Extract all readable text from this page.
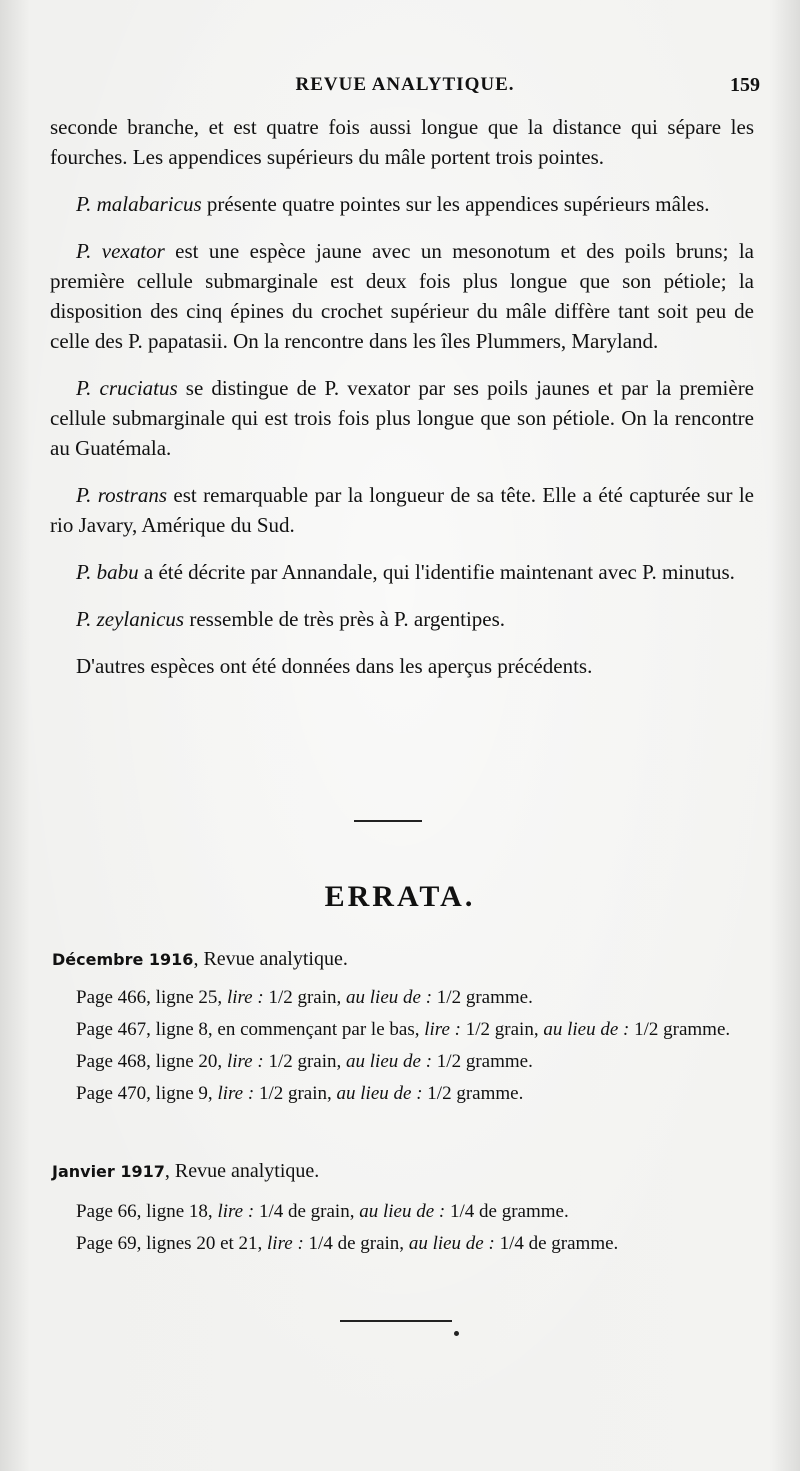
REVUE ANALYTIQUE.	159

seconde branche, et est quatre fois aussi longue que la distance qui sépare les fourches. Les appendices supérieurs du mâle portent trois pointes.

P. malabaricus présente quatre pointes sur les appendices supérieurs mâles.

P. vexator est une espèce jaune avec un mesonotum et des poils bruns; la première cellule submarginale est deux fois plus longue que son pétiole; la disposition des cinq épines du crochet supérieur du mâle diffère tant soit peu de celle des P. papatasii. On la rencontre dans les îles Plummers, Maryland.

P. cruciatus se distingue de P. vexator par ses poils jaunes et par la première cellule submarginale qui est trois fois plus longue que son pétiole. On la rencontre au Guatémala.

P. rostrans est remarquable par la longueur de sa tête. Elle a été capturée sur le rio Javary, Amérique du Sud.

P. babu a été décrite par Annandale, qui l'identifie maintenant avec P. minutus.

P. zeylanicus ressemble de très près à P. argentipes.

D'autres espèces ont été données dans les aperçus précédents.

ERRATA.
Décembre 1916, Revue analytique.
Page 466, ligne 25, lire : 1/2 grain, au lieu de : 1/2 gramme.
Page 467, ligne 8, en commençant par le bas, lire : 1/2 grain, au lieu de : 1/2 gramme.
Page 468, ligne 20, lire : 1/2 grain, au lieu de : 1/2 gramme.
Page 470, ligne 9, lire : 1/2 grain, au lieu de : 1/2 gramme.
Janvier 1917, Revue analytique.
Page 66, ligne 18, lire : 1/4 de grain, au lieu de : 1/4 de gramme.
Page 69, lignes 20 et 21, lire : 1/4 de grain, au lieu de : 1/4 de gramme.
